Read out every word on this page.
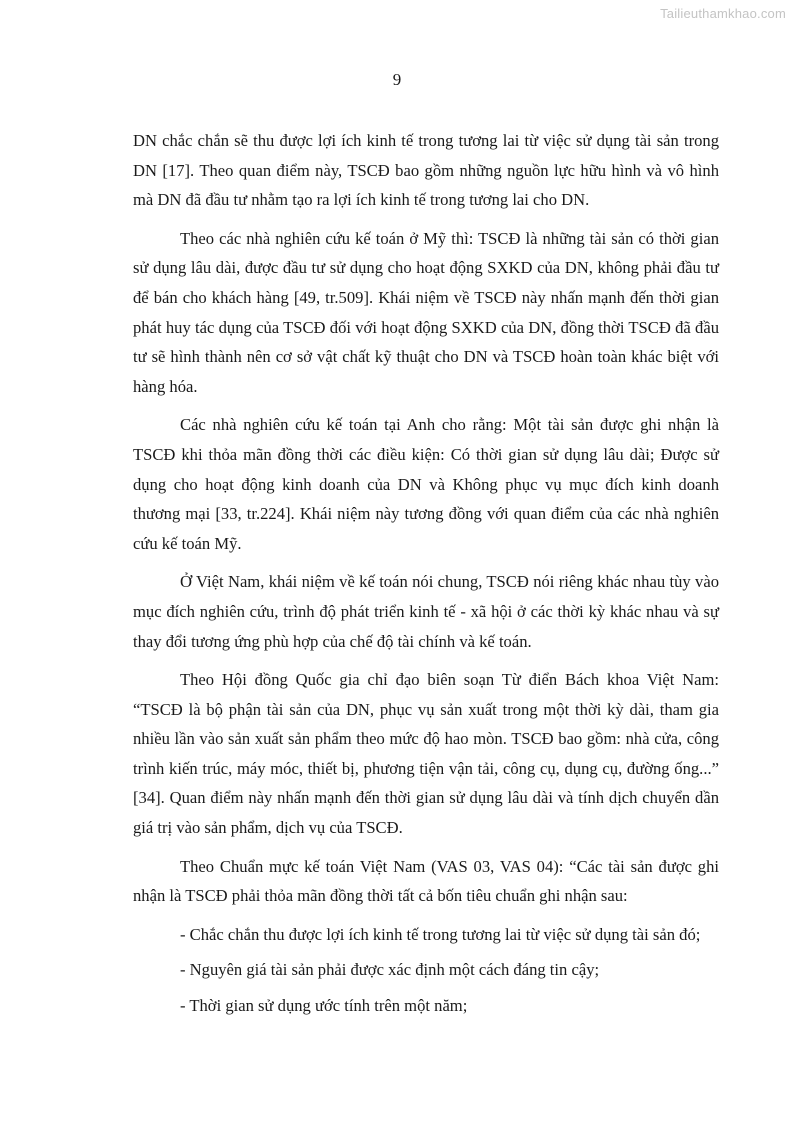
Tailieuthamkhao.com
9

DN chắc chắn sẽ thu được lợi ích kinh tế trong tương lai từ việc sử dụng tài sản trong DN [17]. Theo quan điểm này, TSCĐ bao gồm những nguồn lực hữu hình và vô hình mà DN đã đầu tư nhằm tạo ra lợi ích kinh tế trong tương lai cho DN.

Theo các nhà nghiên cứu kế toán ở Mỹ thì: TSCĐ là những tài sản có thời gian sử dụng lâu dài, được đầu tư sử dụng cho hoạt động SXKD của DN, không phải đầu tư để bán cho khách hàng [49, tr.509]. Khái niệm về TSCĐ này nhấn mạnh đến thời gian phát huy tác dụng của TSCĐ đối với hoạt động SXKD của DN, đồng thời TSCĐ đã đầu tư sẽ hình thành nên cơ sở vật chất kỹ thuật cho DN và TSCĐ hoàn toàn khác biệt với hàng hóa.

Các nhà nghiên cứu kế toán tại Anh cho rằng: Một tài sản được ghi nhận là TSCĐ khi thỏa mãn đồng thời các điều kiện: Có thời gian sử dụng lâu dài; Được sử dụng cho hoạt động kinh doanh của DN và Không phục vụ mục đích kinh doanh thương mại [33, tr.224]. Khái niệm này tương đồng với quan điểm của các nhà nghiên cứu kế toán Mỹ.

Ở Việt Nam, khái niệm về kế toán nói chung, TSCĐ nói riêng khác nhau tùy vào mục đích nghiên cứu, trình độ phát triển kinh tế - xã hội ở các thời kỳ khác nhau và sự thay đổi tương ứng phù hợp của chế độ tài chính và kế toán.

Theo Hội đồng Quốc gia chỉ đạo biên soạn Từ điển Bách khoa Việt Nam: “TSCĐ là bộ phận tài sản của DN, phục vụ sản xuất trong một thời kỳ dài, tham gia nhiều lần vào sản xuất sản phẩm theo mức độ hao mòn. TSCĐ bao gồm: nhà cửa, công trình kiến trúc, máy móc, thiết bị, phương tiện vận tải, công cụ, dụng cụ, đường ống...” [34]. Quan điểm này nhấn mạnh đến thời gian sử dụng lâu dài và tính dịch chuyển dần giá trị vào sản phẩm, dịch vụ của TSCĐ.

Theo Chuẩn mực kế toán Việt Nam (VAS 03, VAS 04): “Các tài sản được ghi nhận là TSCĐ phải thỏa mãn đồng thời tất cả bốn tiêu chuẩn ghi nhận sau:

- Chắc chắn thu được lợi ích kinh tế trong tương lai từ việc sử dụng tài sản đó;

- Nguyên giá tài sản phải được xác định một cách đáng tin cậy;

- Thời gian sử dụng ước tính trên một năm;
